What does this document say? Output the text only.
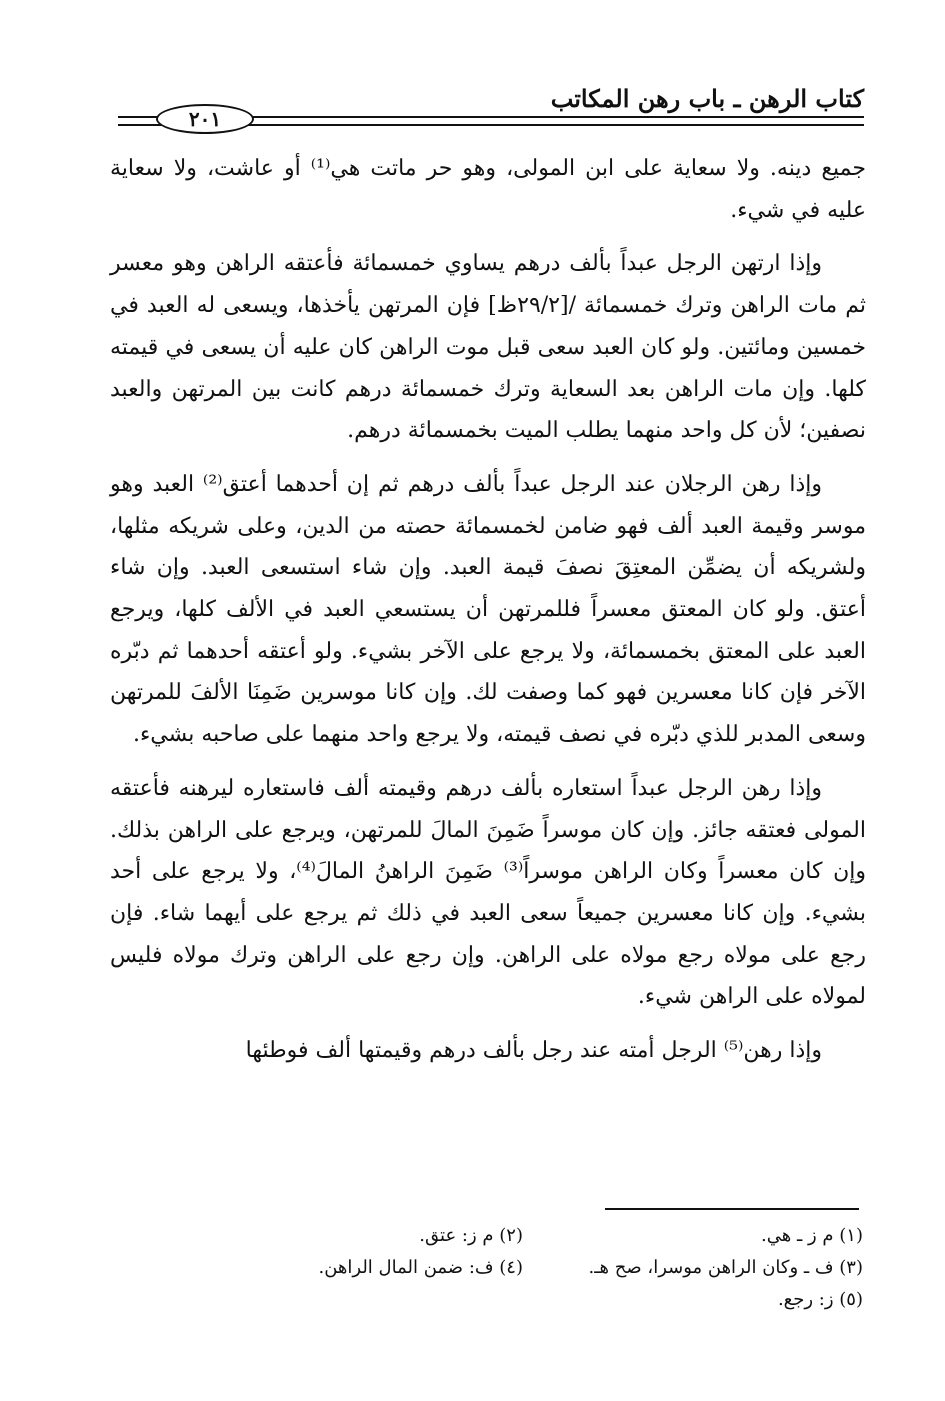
كتاب الرهن ـ باب رهن المكاتب
٢٠١

جميع دينه. ولا سعاية على ابن المولى، وهو حر ماتت هي⁽¹⁾ أو عاشت، ولا سعاية عليه في شيء.

وإذا ارتهن الرجل عبداً بألف درهم يساوي خمسمائة فأعتقه الراهن وهو معسر ثم مات الراهن وترك خمسمائة /[٢٩/٢ظ] فإن المرتهن يأخذها، ويسعى له العبد في خمسين ومائتين. ولو كان العبد سعى قبل موت الراهن كان عليه أن يسعى في قيمته كلها. وإن مات الراهن بعد السعاية وترك خمسمائة درهم كانت بين المرتهن والعبد نصفين؛ لأن كل واحد منهما يطلب الميت بخمسمائة درهم.

وإذا رهن الرجلان عند الرجل عبداً بألف درهم ثم إن أحدهما أعتق⁽²⁾ العبد وهو موسر وقيمة العبد ألف فهو ضامن لخمسمائة حصته من الدين، وعلى شريكه مثلها، ولشريكه أن يضمِّن المعتِقَ نصفَ قيمة العبد. وإن شاء استسعى العبد. وإن شاء أعتق. ولو كان المعتق معسراً فللمرتهن أن يستسعي العبد في الألف كلها، ويرجع العبد على المعتق بخمسمائة، ولا يرجع على الآخر بشيء. ولو أعتقه أحدهما ثم دبّره الآخر فإن كانا معسرين فهو كما وصفت لك. وإن كانا موسرين ضَمِنَا الألفَ للمرتهن وسعى المدبر للذي دبّره في نصف قيمته، ولا يرجع واحد منهما على صاحبه بشيء.

وإذا رهن الرجل عبداً استعاره بألف درهم وقيمته ألف فاستعاره ليرهنه فأعتقه المولى فعتقه جائز. وإن كان موسراً ضَمِنَ المالَ للمرتهن، ويرجع على الراهن بذلك. وإن كان معسراً وكان الراهن موسراً⁽³⁾ ضَمِنَ الراهنُ المالَ⁽⁴⁾، ولا يرجع على أحد بشيء. وإن كانا معسرين جميعاً سعى العبد في ذلك ثم يرجع على أيهما شاء. فإن رجع على مولاه رجع مولاه على الراهن. وإن رجع على الراهن وترك مولاه فليس لمولاه على الراهن شيء.

وإذا رهن⁽⁵⁾ الرجل أمته عند رجل بألف درهم وقيمتها ألف فوطئها

(١) م ز ـ هي.
(٢) م ز: عتق.
(٣) ف ـ وكان الراهن موسرا، صح هـ.
(٤) ف: ضمن المال الراهن.
(٥) ز: رجع.
